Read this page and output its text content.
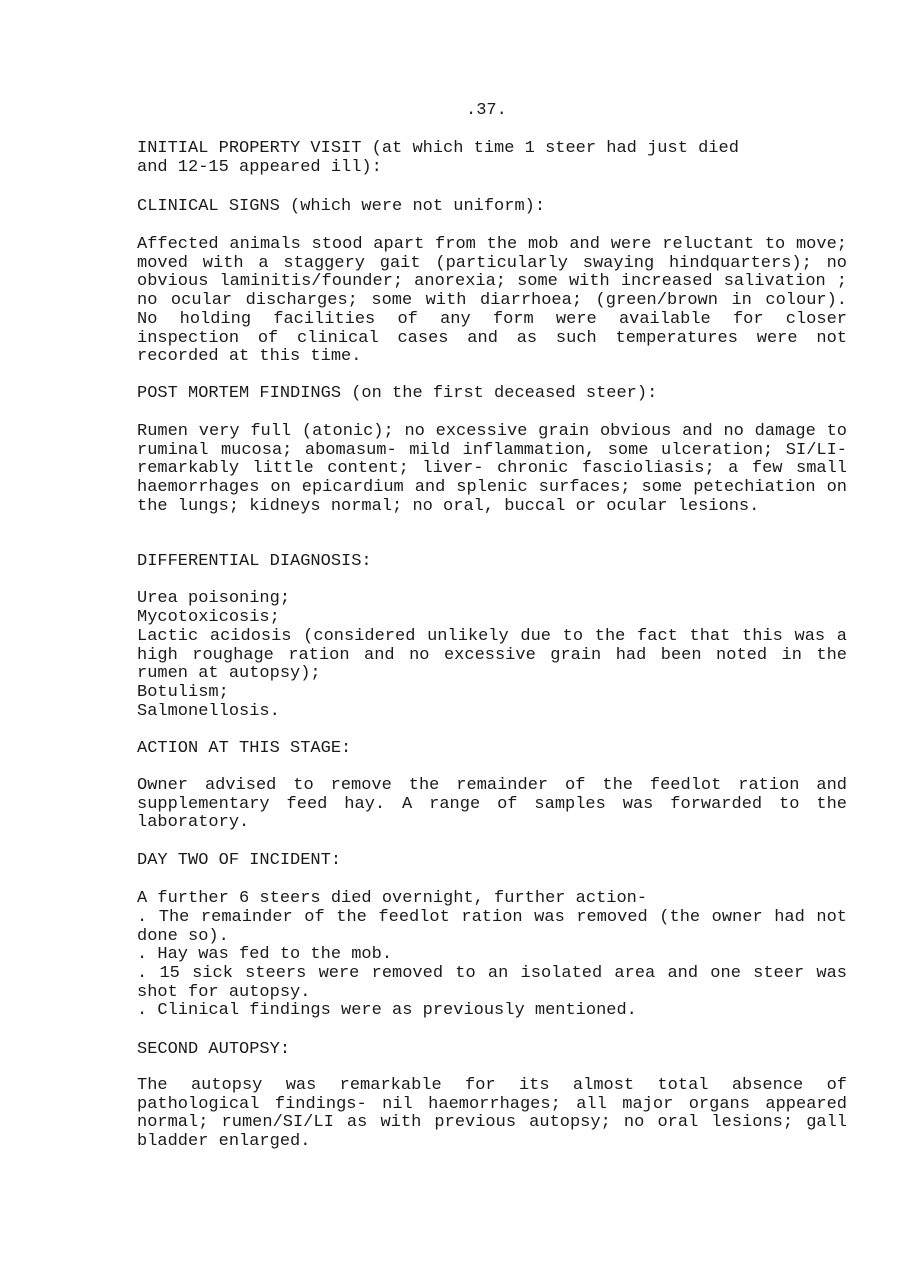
.37.

INITIAL PROPERTY VISIT (at which time 1 steer had just died
and 12-15 appeared ill):

CLINICAL SIGNS (which were not uniform):

Affected animals stood apart from the mob and were reluctant to move; moved with a staggery gait (particularly swaying hindquarters); no obvious laminitis/founder; anorexia; some with increased salivation ; no ocular discharges; some with diarrhoea; (green/brown in colour). No holding facilities of any form were available for closer inspection of clinical cases and as such temperatures were not recorded at this time.

POST MORTEM FINDINGS (on the first deceased steer):

Rumen very full (atonic); no excessive grain obvious and no damage to ruminal mucosa; abomasum- mild inflammation, some ulceration; SI/LI- remarkably little content; liver- chronic fascioliasis; a few small haemorrhages on epicardium and splenic surfaces; some petechiation on the lungs; kidneys normal; no oral, buccal or ocular lesions.

DIFFERENTIAL DIAGNOSIS:

Urea poisoning;
Mycotoxicosis;

Lactic acidosis (considered unlikely due to the fact that this was a high roughage ration and no excessive grain had been noted in the rumen at autopsy);

Botulism;
Salmonellosis.

ACTION AT THIS STAGE:

Owner advised to remove the remainder of the feedlot ration and supplementary feed hay. A range of samples was forwarded to the laboratory.

DAY TWO OF INCIDENT:

A further 6 steers died overnight, further action-

. The remainder of the feedlot ration was removed (the owner had not done so).

. Hay was fed to the mob.

. 15 sick steers were removed to an isolated area and one steer was shot for autopsy.

. Clinical findings were as previously mentioned.

SECOND AUTOPSY:

The autopsy was remarkable for its almost total absence of pathological findings- nil haemorrhages; all major organs appeared normal; rumen/SI/LI as with previous autopsy; no oral lesions; gall bladder enlarged.
